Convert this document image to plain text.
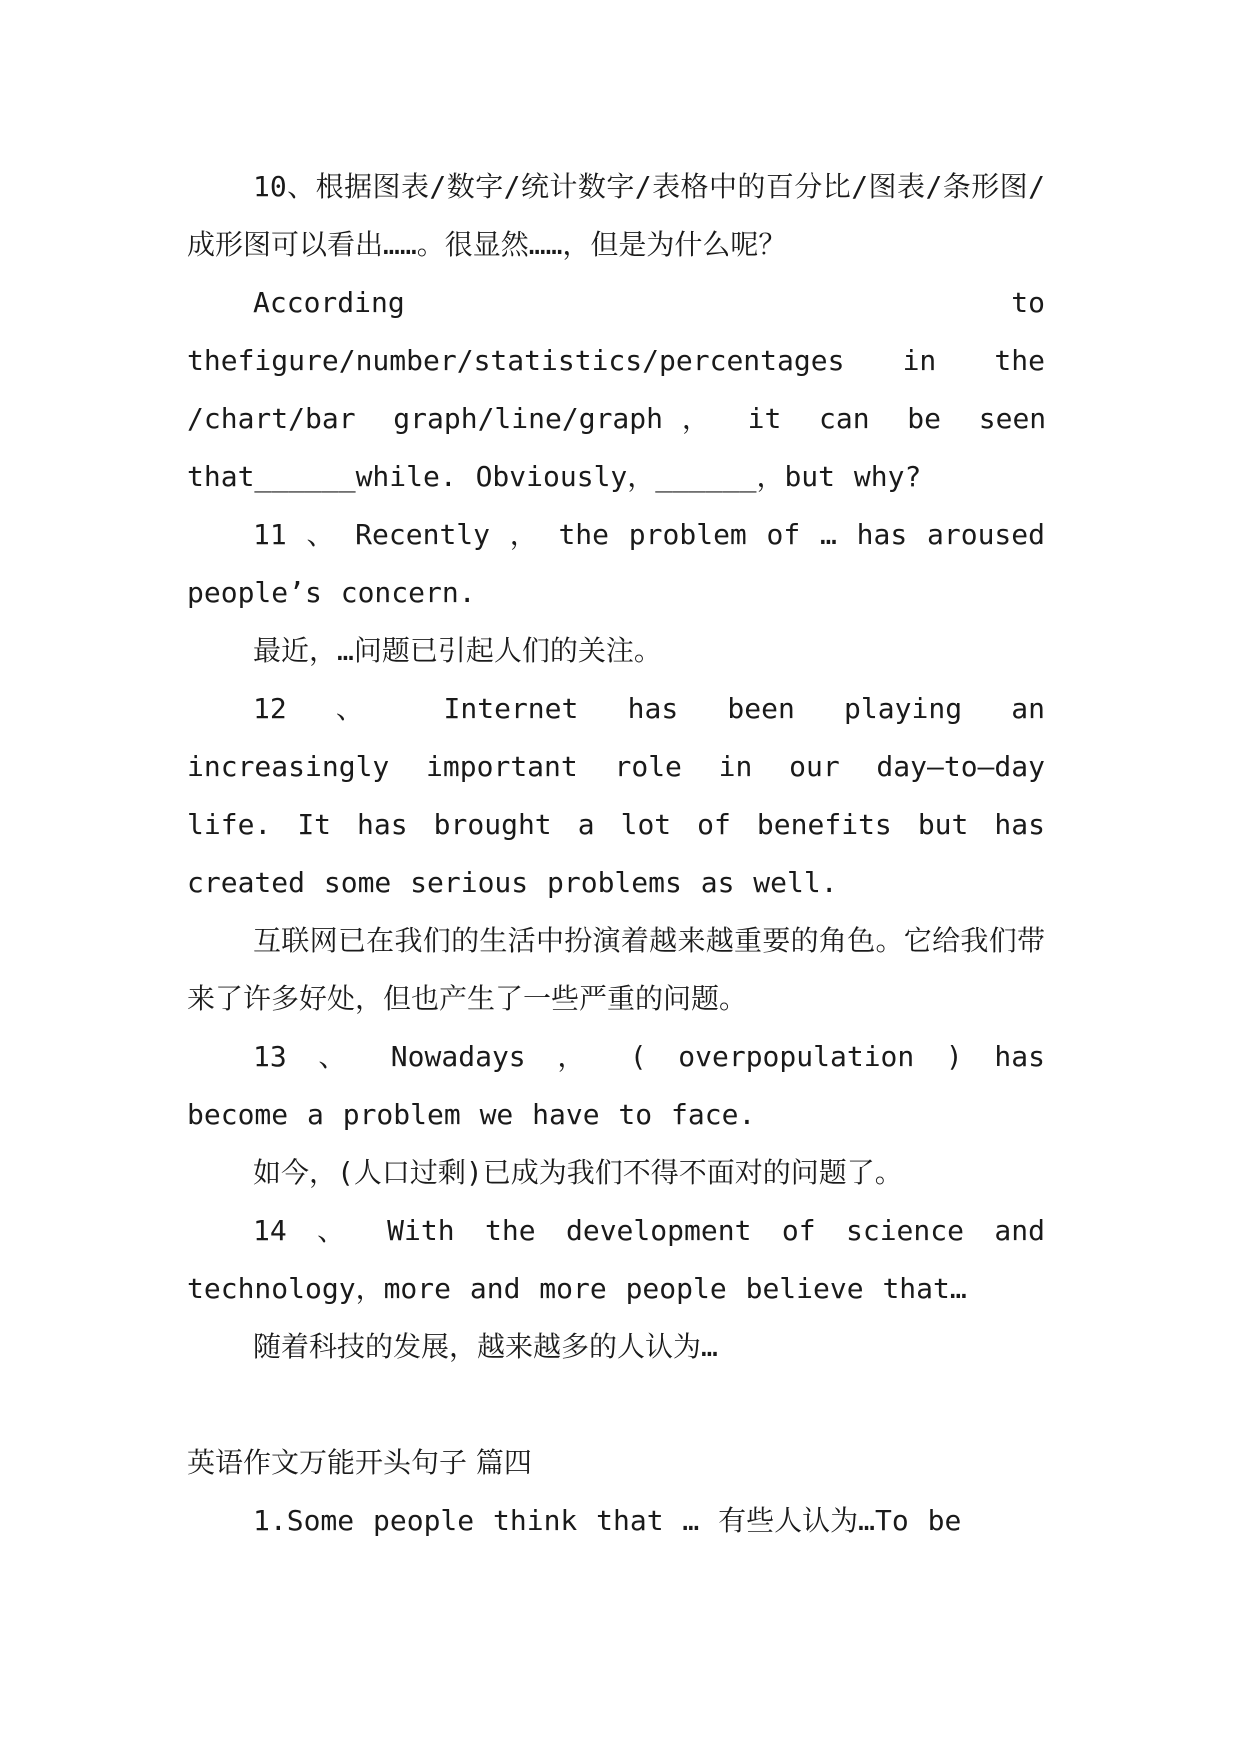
10、根据图表/数字/统计数字/表格中的百分比/图表/条形图/成形图可以看出……。很显然……，但是为什么呢？

According                            to

thefigure/number/statistics/percentages   in   the

/chart/bar  graph/line/graph ，  it  can  be  seen

that______while. Obviously，______，but why?

11 、 Recently ， the problem of … has aroused people’s concern.

最近，…问题已引起人们的关注。

12 、 Internet has been playing an increasingly important role in our day—to—day life. It has brought a lot of benefits but has created some serious problems as well.

互联网已在我们的生活中扮演着越来越重要的角色。它给我们带来了许多好处，但也产生了一些严重的问题。

13 、 Nowadays ， ( overpopulation ) has become a problem we have to face.

如今，(人口过剩)已成为我们不得不面对的问题了。

14 、 With the development of science and technology，more and more people believe that…

随着科技的发展，越来越多的人认为…

英语作文万能开头句子 篇四

1.Some people think that … 有些人认为…To be
